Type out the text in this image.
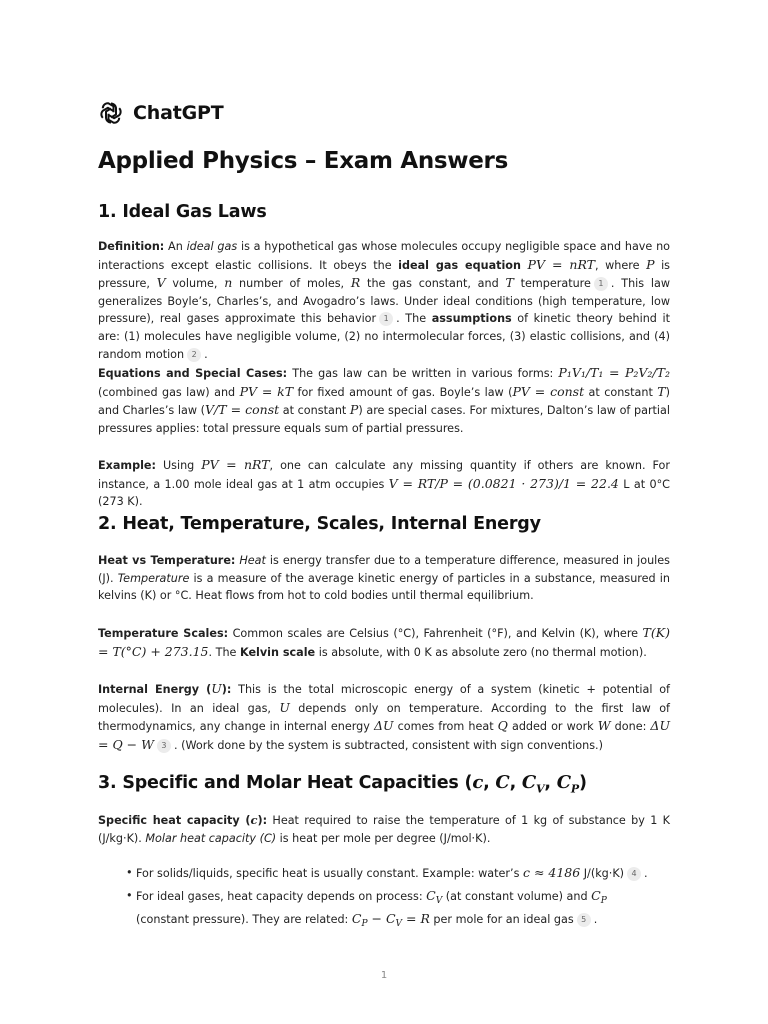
ChatGPT
Applied Physics – Exam Answers
1. Ideal Gas Laws

Definition: An ideal gas is a hypothetical gas whose molecules occupy negligible space and have no interactions except elastic collisions. It obeys the ideal gas equation PV = nRT, where P is pressure, V volume, n number of moles, R the gas constant, and T temperature 1 . This law generalizes Boyle’s, Charles’s, and Avogadro’s laws. Under ideal conditions (high temperature, low pressure), real gases approximate this behavior 1 . The assumptions of kinetic theory behind it are: (1) molecules have negligible volume, (2) no intermolecular forces, (3) elastic collisions, and (4) random motion 2 .

Equations and Special Cases: The gas law can be written in various forms: P₁V₁/T₁ = P₂V₂/T₂ (combined gas law) and PV = kT for fixed amount of gas. Boyle’s law (PV = const at constant T) and Charles’s law (V/T = const at constant P) are special cases. For mixtures, Dalton’s law of partial pressures applies: total pressure equals sum of partial pressures.

Example: Using PV = nRT, one can calculate any missing quantity if others are known. For instance, a 1.00 mole ideal gas at 1 atm occupies V = RT/P = (0.0821 · 273)/1 = 22.4 L at 0°C (273 K).

2. Heat, Temperature, Scales, Internal Energy

Heat vs Temperature: Heat is energy transfer due to a temperature difference, measured in joules (J). Temperature is a measure of the average kinetic energy of particles in a substance, measured in kelvins (K) or °C. Heat flows from hot to cold bodies until thermal equilibrium.

Temperature Scales: Common scales are Celsius (°C), Fahrenheit (°F), and Kelvin (K), where T(K) = T(°C) + 273.15. The Kelvin scale is absolute, with 0 K as absolute zero (no thermal motion).

Internal Energy (U): This is the total microscopic energy of a system (kinetic + potential of molecules). In an ideal gas, U depends only on temperature. According to the first law of thermodynamics, any change in internal energy ΔU comes from heat Q added or work W done: ΔU = Q − W 3 . (Work done by the system is subtracted, consistent with sign conventions.)

3. Specific and Molar Heat Capacities (c, C, $C_V$, $C_P$)

Specific heat capacity (c): Heat required to raise the temperature of 1 kg of substance by 1 K (J/kg·K). Molar heat capacity (C) is heat per mole per degree (J/mol·K).

• For solids/liquids, specific heat is usually constant. Example: water’s c ≈ 4186 J/(kg·K) 4 .
• For ideal gases, heat capacity depends on process: $C_V$ (at constant volume) and $C_P$ (constant pressure). They are related: $C_P - C_V = R$ per mole for an ideal gas 5 .
1
